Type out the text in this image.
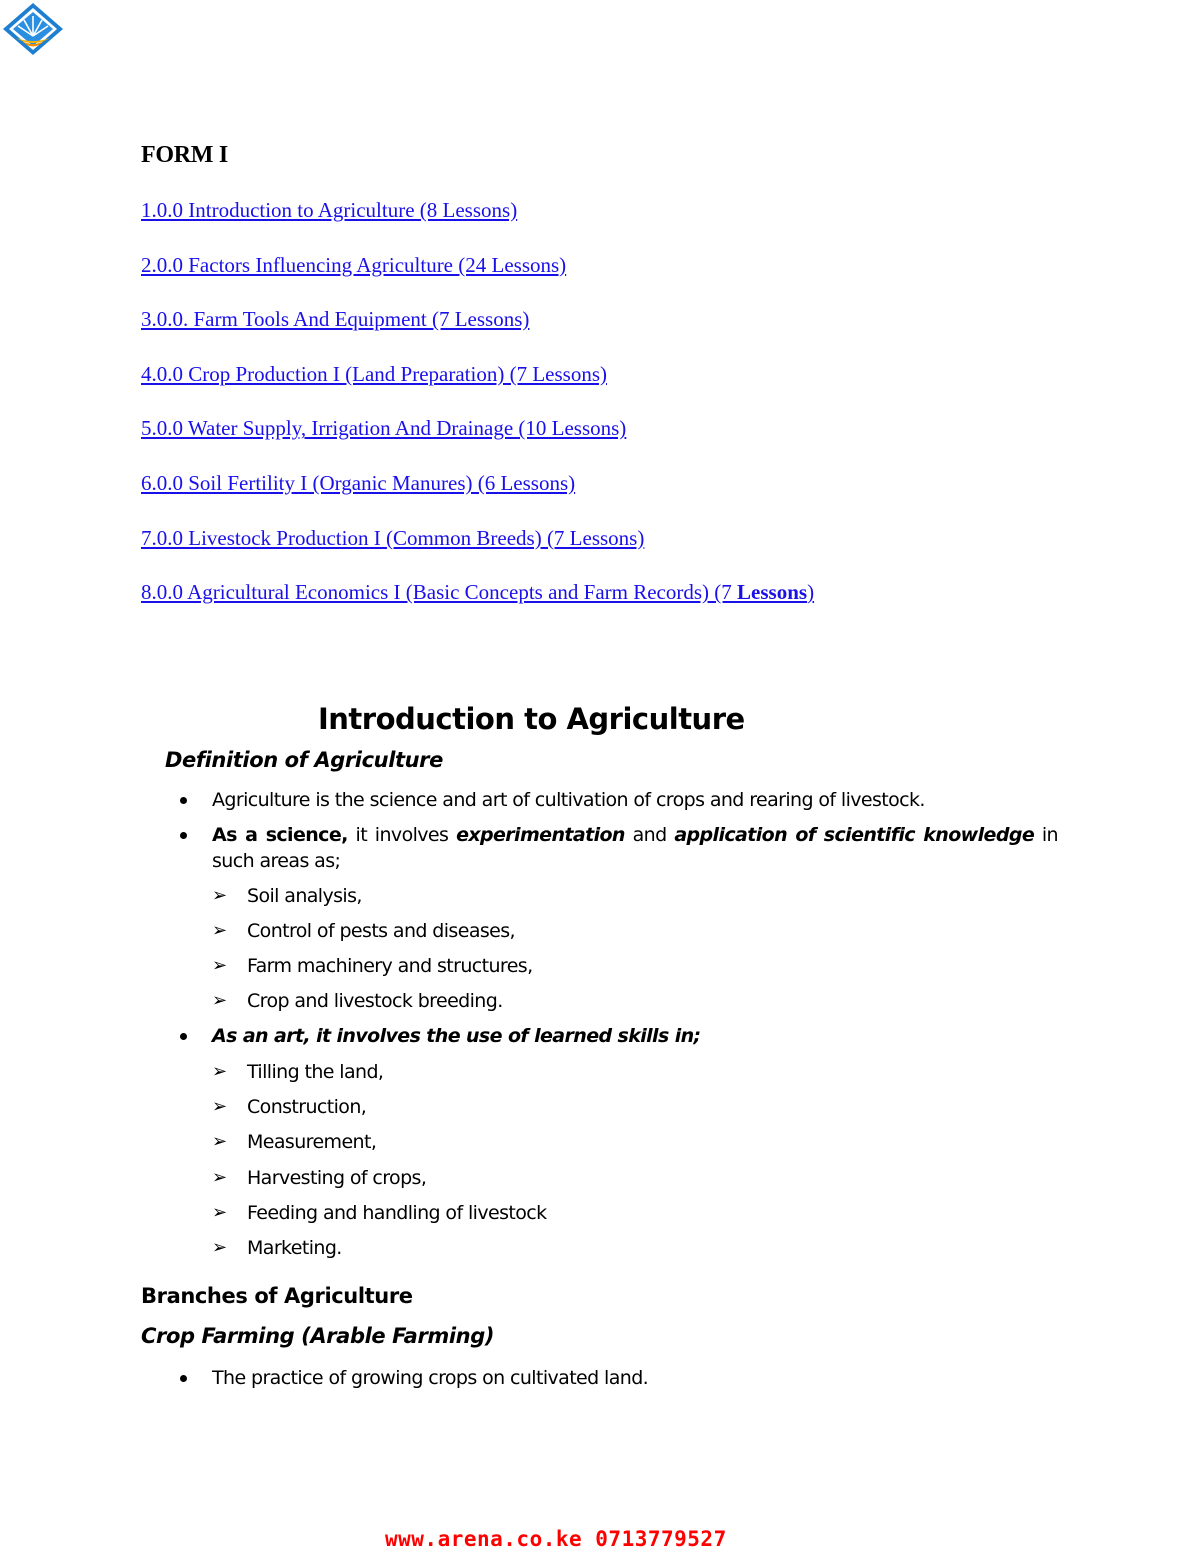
FORM I
1.0.0 Introduction to Agriculture (8 Lessons)
2.0.0 Factors Influencing Agriculture (24 Lessons)
3.0.0. Farm Tools And Equipment (7 Lessons)
4.0.0 Crop Production I (Land Preparation) (7 Lessons)
5.0.0 Water Supply, Irrigation And Drainage (10 Lessons)
6.0.0 Soil Fertility I (Organic Manures) (6 Lessons)
7.0.0 Livestock Production I (Common Breeds) (7 Lessons)
8.0.0 Agricultural Economics I (Basic Concepts and Farm Records) (7 Lessons)
Introduction to Agriculture
Definition of Agriculture

Agriculture is the science and art of cultivation of crops and rearing of livestock.

As a science, it involves experimentation and application of scientific knowledge in such areas as;

➢ Soil analysis,
➢ Control of pests and diseases,
➢ Farm machinery and structures,
➢ Crop and livestock breeding.

As an art, it involves the use of learned skills in;

➢ Tilling the land,
➢ Construction,
➢ Measurement,
➢ Harvesting of crops,
➢ Feeding and handling of livestock
➢ Marketing.
Branches of Agriculture
Crop Farming (Arable Farming)

The practice of growing crops on cultivated land.

www.arena.co.ke 0713779527
